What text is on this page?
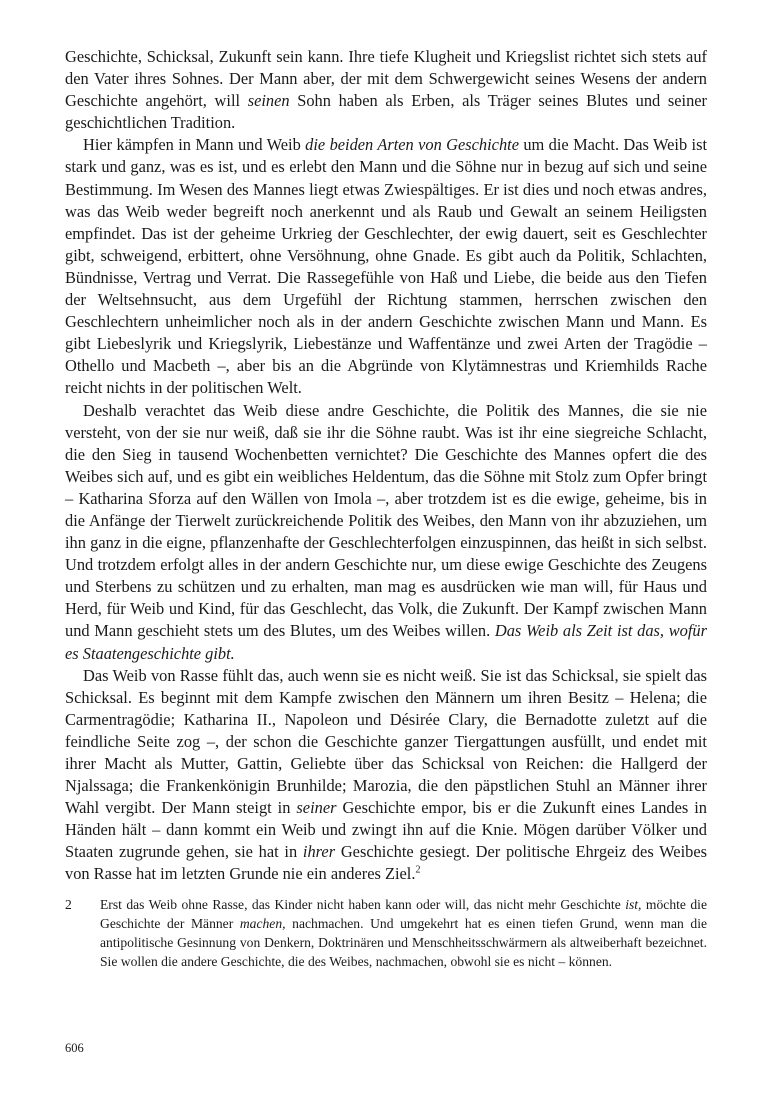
Geschichte, Schicksal, Zukunft sein kann. Ihre tiefe Klugheit und Kriegslist richtet sich stets auf den Vater ihres Sohnes. Der Mann aber, der mit dem Schwergewicht seines Wesens der andern Geschichte angehört, will seinen Sohn haben als Erben, als Träger seines Blutes und seiner geschichtlichen Tradition.

Hier kämpfen in Mann und Weib die beiden Arten von Geschichte um die Macht. Das Weib ist stark und ganz, was es ist, und es erlebt den Mann und die Söhne nur in bezug auf sich und seine Bestimmung. Im Wesen des Mannes liegt etwas Zwiespältiges. Er ist dies und noch etwas andres, was das Weib weder begreift noch anerkennt und als Raub und Gewalt an seinem Heiligsten empfindet. Das ist der geheime Urkrieg der Geschlechter, der ewig dauert, seit es Geschlechter gibt, schweigend, erbittert, ohne Versöhnung, ohne Gnade. Es gibt auch da Politik, Schlachten, Bündnisse, Vertrag und Verrat. Die Rassegefühle von Haß und Liebe, die beide aus den Tiefen der Weltsehnsucht, aus dem Urgefühl der Richtung stammen, herrschen zwischen den Geschlechtern unheimlicher noch als in der andern Geschichte zwischen Mann und Mann. Es gibt Liebeslyrik und Kriegslyrik, Liebestänze und Waffentänze und zwei Arten der Tragödie – Othello und Macbeth –, aber bis an die Abgründe von Klytämnestras und Kriemhilds Rache reicht nichts in der politischen Welt.

Deshalb verachtet das Weib diese andre Geschichte, die Politik des Mannes, die sie nie versteht, von der sie nur weiß, daß sie ihr die Söhne raubt. Was ist ihr eine siegreiche Schlacht, die den Sieg in tausend Wochenbetten vernichtet? Die Geschichte des Mannes opfert die des Weibes sich auf, und es gibt ein weibliches Heldentum, das die Söhne mit Stolz zum Opfer bringt – Katharina Sforza auf den Wällen von Imola –, aber trotzdem ist es die ewige, geheime, bis in die Anfänge der Tierwelt zurückreichende Politik des Weibes, den Mann von ihr abzuziehen, um ihn ganz in die eigne, pflanzenhafte der Geschlechterfolgen einzuspinnen, das heißt in sich selbst. Und trotzdem erfolgt alles in der andern Geschichte nur, um diese ewige Geschichte des Zeugens und Sterbens zu schützen und zu erhalten, man mag es ausdrücken wie man will, für Haus und Herd, für Weib und Kind, für das Geschlecht, das Volk, die Zukunft. Der Kampf zwischen Mann und Mann geschieht stets um des Blutes, um des Weibes willen. Das Weib als Zeit ist das, wofür es Staatengeschichte gibt.

Das Weib von Rasse fühlt das, auch wenn sie es nicht weiß. Sie ist das Schicksal, sie spielt das Schicksal. Es beginnt mit dem Kampfe zwischen den Männern um ihren Besitz – Helena; die Carmentragödie; Katharina II., Napoleon und Désirée Clary, die Bernadotte zuletzt auf die feindliche Seite zog –, der schon die Geschichte ganzer Tiergattungen ausfüllt, und endet mit ihrer Macht als Mutter, Gattin, Geliebte über das Schicksal von Reichen: die Hallgerd der Njalssaga; die Frankenkönigin Brunhilde; Marozia, die den päpstlichen Stuhl an Männer ihrer Wahl vergibt. Der Mann steigt in seiner Geschichte empor, bis er die Zukunft eines Landes in Händen hält – dann kommt ein Weib und zwingt ihn auf die Knie. Mögen darüber Völker und Staaten zugrunde gehen, sie hat in ihrer Geschichte gesiegt. Der politische Ehrgeiz des Weibes von Rasse hat im letzten Grunde nie ein anderes Ziel.$^2$

2 Erst das Weib ohne Rasse, das Kinder nicht haben kann oder will, das nicht mehr Geschichte ist, möchte die Geschichte der Männer machen, nachmachen. Und umgekehrt hat es einen tiefen Grund, wenn man die antipolitische Gesinnung von Denkern, Doktrinären und Menschheitsschwärmern als altweiberhaft bezeichnet. Sie wollen die andere Geschichte, die des Weibes, nachmachen, obwohl sie es nicht – können.
606
